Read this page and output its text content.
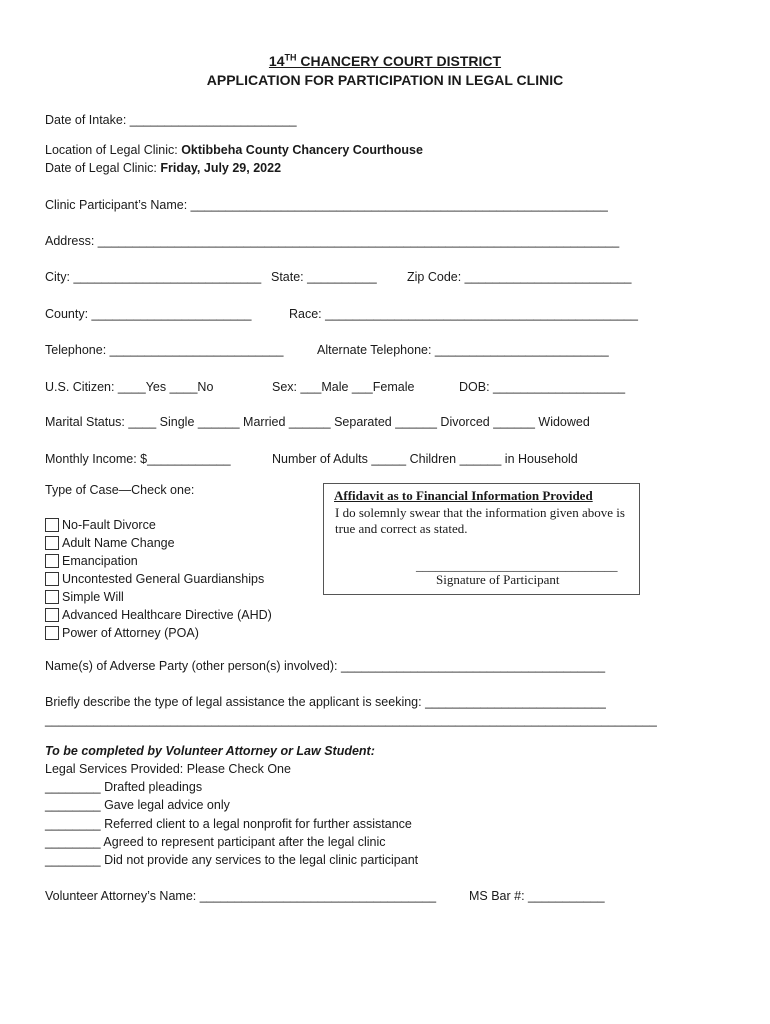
14TH CHANCERY COURT DISTRICT
APPLICATION FOR PARTICIPATION IN LEGAL CLINIC
Date of Intake: ________________________
Location of Legal Clinic: Oktibbeha County Chancery Courthouse
Date of Legal Clinic: Friday, July 29, 2022
Clinic Participant’s Name: ____________________________________________________________
Address: ___________________________________________________________________________
City: ___________________________ State: __________ Zip Code: ________________________
County: _______________________	Race: _____________________________________________
Telephone: _________________________	Alternate Telephone: _________________________
U.S. Citizen: ____Yes ____No	Sex: ___Male ___Female	DOB: ___________________
Marital Status: ____ Single ______ Married ______ Separated ______ Divorced ______ Widowed
Monthly Income: $____________	Number of Adults _____ Children ______ in Household
Type of Case—Check one:
No-Fault Divorce
Adult Name Change
Emancipation
Uncontested General Guardianships
Simple Will
Advanced Healthcare Directive (AHD)
Power of Attorney (POA)
Affidavit as to Financial Information Provided
I do solemnly swear that the information given above is true and correct as stated.
_______________________________
Signature of Participant
Name(s) of Adverse Party (other person(s) involved): ______________________________________
Briefly describe the type of legal assistance the applicant is seeking: __________________________
________________________________________________________________________________________
To be completed by Volunteer Attorney or Law Student:
Legal Services Provided: Please Check One
________ Drafted pleadings
________ Gave legal advice only
________ Referred client to a legal nonprofit for further assistance
________ Agreed to represent participant after the legal clinic
________ Did not provide any services to the legal clinic participant
Volunteer Attorney’s Name: __________________________________	MS Bar #: ___________
